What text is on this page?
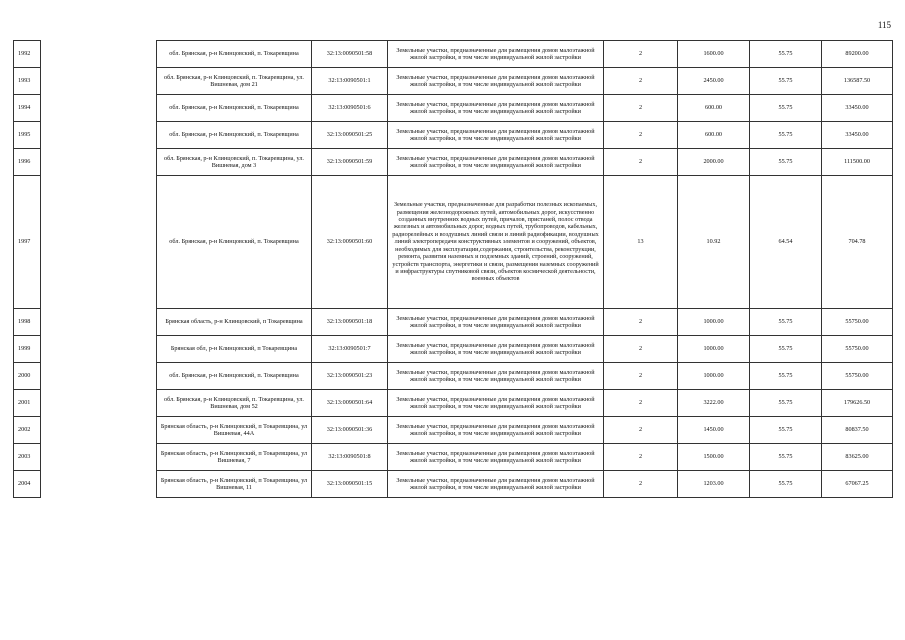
115
1992		обл. Брянская, р-н Клинцовский, п. Токаревщина	32:13:0090501:58	Земельные участки, предназначенные для размещения домов малоэтажной жилой застройки, в том числе индивидуальной жилой застройки	2	1600.00	55.75	89200.00
1993		обл. Брянская, р-н Клинцовский, п. Токаревщина, ул. Вишневая, дом 21	32:13:0090501:1	Земельные участки, предназначенные для размещения домов малоэтажной жилой застройки, в том числе индивидуальной жилой застройки	2	2450.00	55.75	136587.50
1994		обл. Брянская, р-н Клинцовский, п. Токаревщина	32:13:0090501:6	Земельные участки, предназначенные для размещения домов малоэтажной жилой застройки, в том числе индивидуальной жилой застройки	2	600.00	55.75	33450.00
1995		обл. Брянская, р-н Клинцовский, п. Токаревщина	32:13:0090501:25	Земельные участки, предназначенные для размещения домов малоэтажной жилой застройки, в том числе индивидуальной жилой застройки	2	600.00	55.75	33450.00
1996		обл. Брянская, р-н Клинцовский, п. Токаревщина, ул. Вишневая, дом 3	32:13:0090501:59	Земельные участки, предназначенные для размещения домов малоэтажной жилой застройки, в том числе индивидуальной жилой застройки	2	2000.00	55.75	111500.00
1997		обл. Брянская, р-н Клинцовский, п. Токаревщина	32:13:0090501:60	Земельные участки, предназначенные для разработки полезных ископаемых, размещения железнодорожных путей, автомобильных дорог, искусственно созданных внутренних водных путей, причалов, пристаней, полос отвода железных и автомобильных дорог, водных путей, трубопроводов, кабельных, радиорелейных и воздушных линий связи и линий радиофикации, воздушных линий электропередачи конструктивных элементов и сооружений, объектов, необходимых для эксплуатации,содержания, строительства, реконструкции, ремонта, развития наземных и подземных зданий, строений, сооружений, устройств транспорта, энергетики и связи, размещения наземных сооружений и инфраструктуры спутниковой связи, объектов космической деятельности, военных объектов	13	10.92	64.54	704.78
1998		Брянская область, р-н Клинцовский, п Токаревщина	32:13:0090501:18	Земельные участки, предназначенные для размещения домов малоэтажной жилой застройки, в том числе индивидуальной жилой застройки	2	1000.00	55.75	55750.00
1999		Брянская обл, р-н Клинцовский, п Токаревщина	32:13:0090501:7	Земельные участки, предназначенные для размещения домов малоэтажной жилой застройки, в том числе индивидуальной жилой застройки	2	1000.00	55.75	55750.00
2000		обл. Брянская, р-н Клинцовский, п. Токаревщина	32:13:0090501:23	Земельные участки, предназначенные для размещения домов малоэтажной жилой застройки, в том числе индивидуальной жилой застройки	2	1000.00	55.75	55750.00
2001		обл. Брянская, р-н Клинцовский, п. Токаревщина, ул. Вишневая, дом 52	32:13:0090501:64	Земельные участки, предназначенные для размещения домов малоэтажной жилой застройки, в том числе индивидуальной жилой застройки	2	3222.00	55.75	179626.50
2002		Брянская область, р-н Клинцовский, п Токаревщина, ул Вишневая, 44А	32:13:0090501:36	Земельные участки, предназначенные для размещения домов малоэтажной жилой застройки, в том числе индивидуальной жилой застройки	2	1450.00	55.75	80837.50
2003		Брянская область, р-н Клинцовский, п Токаревщина, ул Вишневая, 7	32:13:0090501:8	Земельные участки, предназначенные для размещения домов малоэтажной жилой застройки, в том числе индивидуальной жилой застройки	2	1500.00	55.75	83625.00
2004		Брянская область, р-н Клинцовский, п Токаревщина, ул Вишневая, 11	32:13:0090501:15	Земельные участки, предназначенные для размещения домов малоэтажной жилой застройки, в том числе индивидуальной жилой застройки	2	1203.00	55.75	67067.25
